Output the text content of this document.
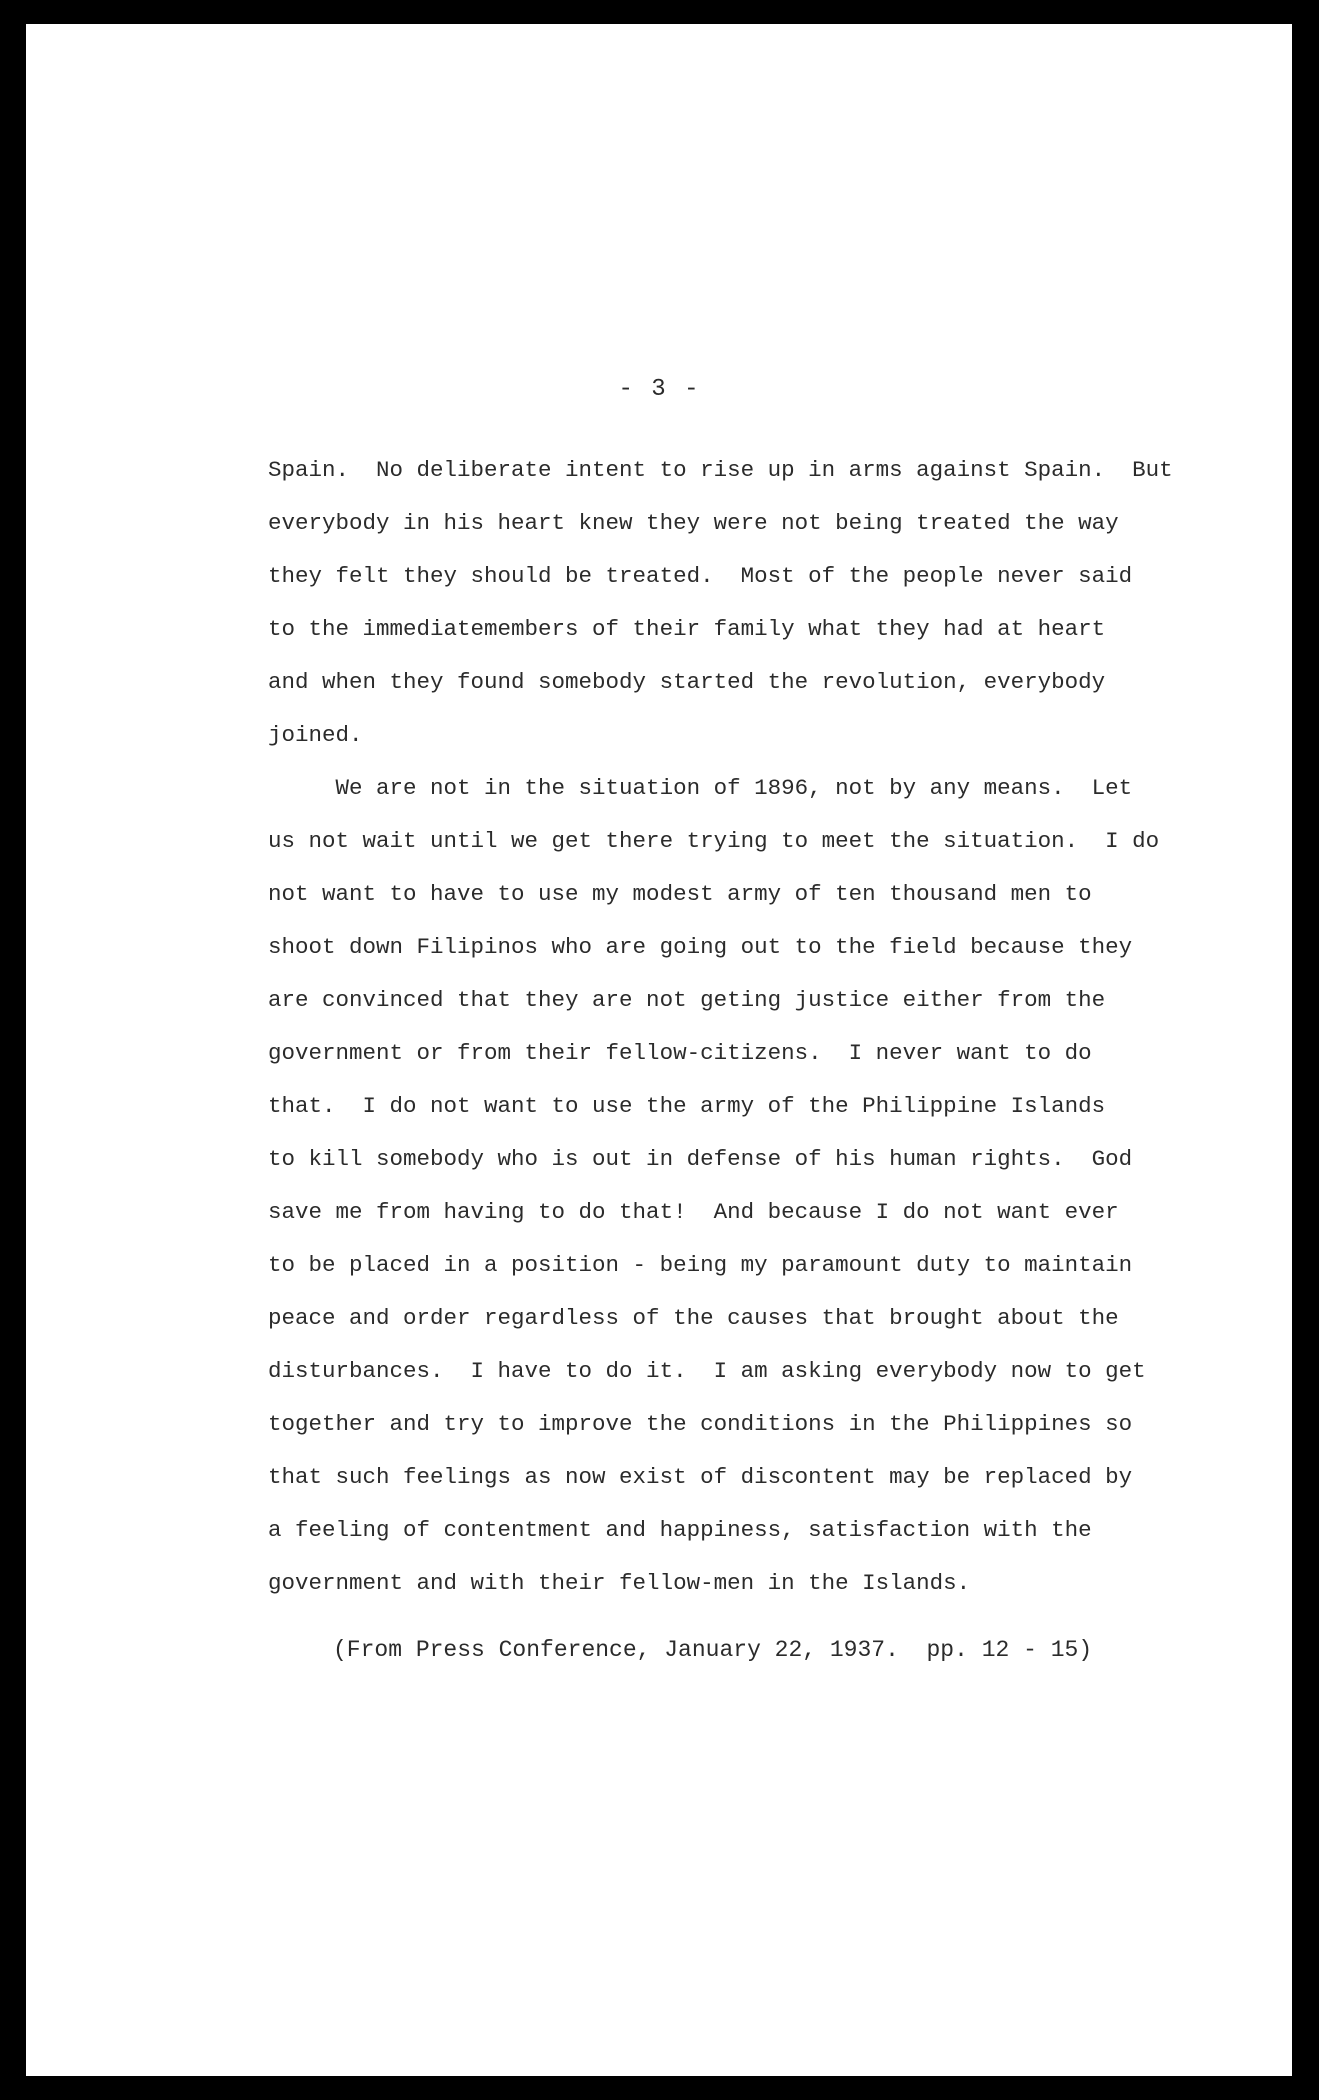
- 3 -
Spain.  No deliberate intent to rise up in arms against Spain.  But
everybody in his heart knew they were not being treated the way
they felt they should be treated.  Most of the people never said
to the immediatemembers of their family what they had at heart
and when they found somebody started the revolution, everybody
joined.
We are not in the situation of 1896, not by any means.  Let
us not wait until we get there trying to meet the situation.  I do
not want to have to use my modest army of ten thousand men to
shoot down Filipinos who are going out to the field because they
are convinced that they are not geting justice either from the
government or from their fellow-citizens.  I never want to do
that.  I do not want to use the army of the Philippine Islands
to kill somebody who is out in defense of his human rights.  God
save me from having to do that!  And because I do not want ever
to be placed in a position - being my paramount duty to maintain
peace and order regardless of the causes that brought about the
disturbances.  I have to do it.  I am asking everybody now to get
together and try to improve the conditions in the Philippines so
that such feelings as now exist of discontent may be replaced by
a feeling of contentment and happiness, satisfaction with the
government and with their fellow-men in the Islands.
(From Press Conference, January 22, 1937.  pp. 12 - 15)
